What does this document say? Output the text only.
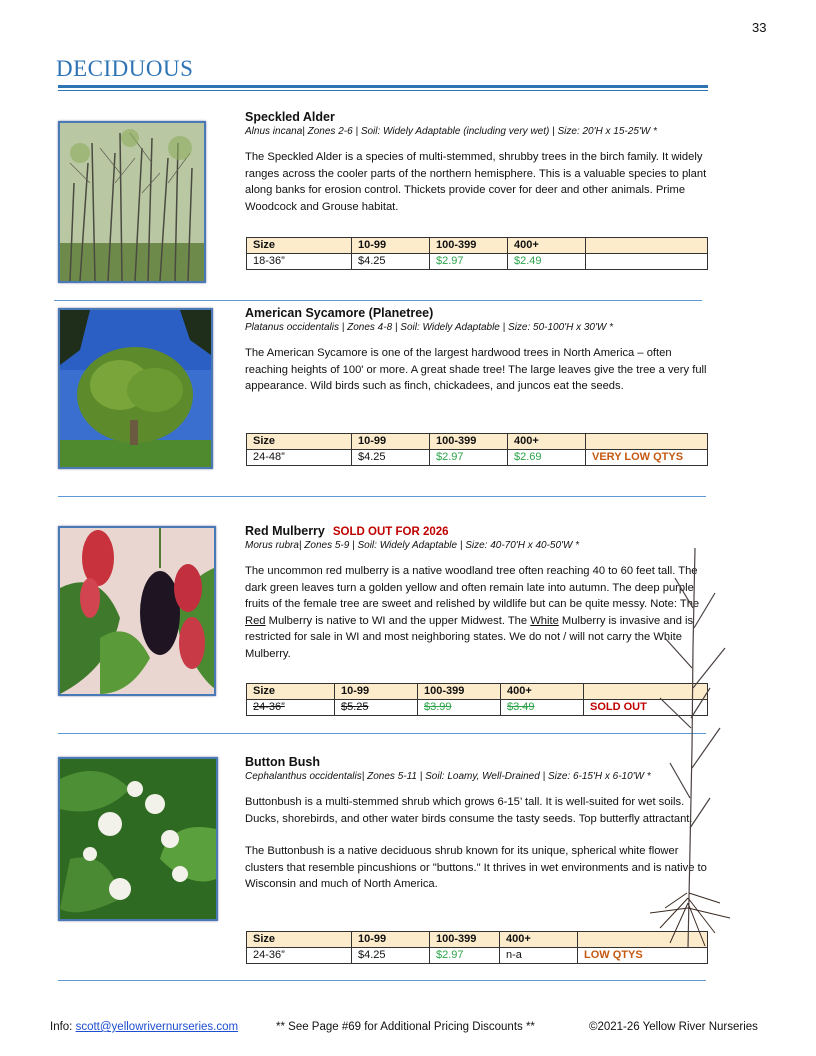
33
DECIDUOUS
Speckled Alder
Alnus incana| Zones 2-6 | Soil: Widely Adaptable (including very wet) | Size: 20'H x 15-25'W *

The Speckled Alder is a species of multi-stemmed, shrubby trees in the birch family. It widely ranges across the cooler parts of the northern hemisphere. This is a valuable species to plant along banks for erosion control. Thickets provide cover for deer and other animals. Prime Woodcock and Grouse habitat.

Size	10-99	100-399	400+	
18-36”	$4.25	$2.97	$2.49	
American Sycamore (Planetree)
Platanus occidentalis | Zones 4-8 | Soil: Widely Adaptable | Size: 50-100'H x 30'W *

The American Sycamore is one of the largest hardwood trees in North America – often reaching heights of 100' or more. A great shade tree! The large leaves give the tree a very full appearance. Wild birds such as finch, chickadees, and juncos eat the seeds.

Size	10-99	100-399	400+	
24-48”	$4.25	$2.97	$2.69	VERY LOW QTYS
Red Mulberry SOLD OUT FOR 2026
Morus rubra| Zones 5-9 | Soil: Widely Adaptable | Size: 40-70'H x 40-50'W *

The uncommon red mulberry is a native woodland tree often reaching 40 to 60 feet tall. The dark green leaves turn a golden yellow and often remain late into autumn. The deep purple fruits of the female tree are sweet and relished by wildlife but can be quite messy. Note: The Red Mulberry is native to WI and the upper Midwest. The White Mulberry is invasive and is restricted for sale in WI and most neighboring states. We do not / will not carry the White Mulberry.

Size	10-99	100-399	400+	
24-36”	$5.25	$3.99	$3.49	SOLD OUT
Button Bush
Cephalanthus occidentalis| Zones 5-11 | Soil: Loamy, Well-Drained | Size: 6-15'H x 6-10'W *

Buttonbush is a multi-stemmed shrub which grows 6-15’ tall. It is well-suited for wet soils. Ducks, shorebirds, and other water birds consume the tasty seeds. Top butterfly attractant.

The Buttonbush is a native deciduous shrub known for its unique, spherical white flower clusters that resemble pincushions or "buttons." It thrives in wet environments and is native to Wisconsin and much of North America.

Size	10-99	100-399	400+	
24-36”	$4.25	$2.97	n-a	LOW QTYS
Info: scott@yellowrivernurseries.com	** See Page #69 for Additional Pricing Discounts **	©2021-26 Yellow River Nurseries
